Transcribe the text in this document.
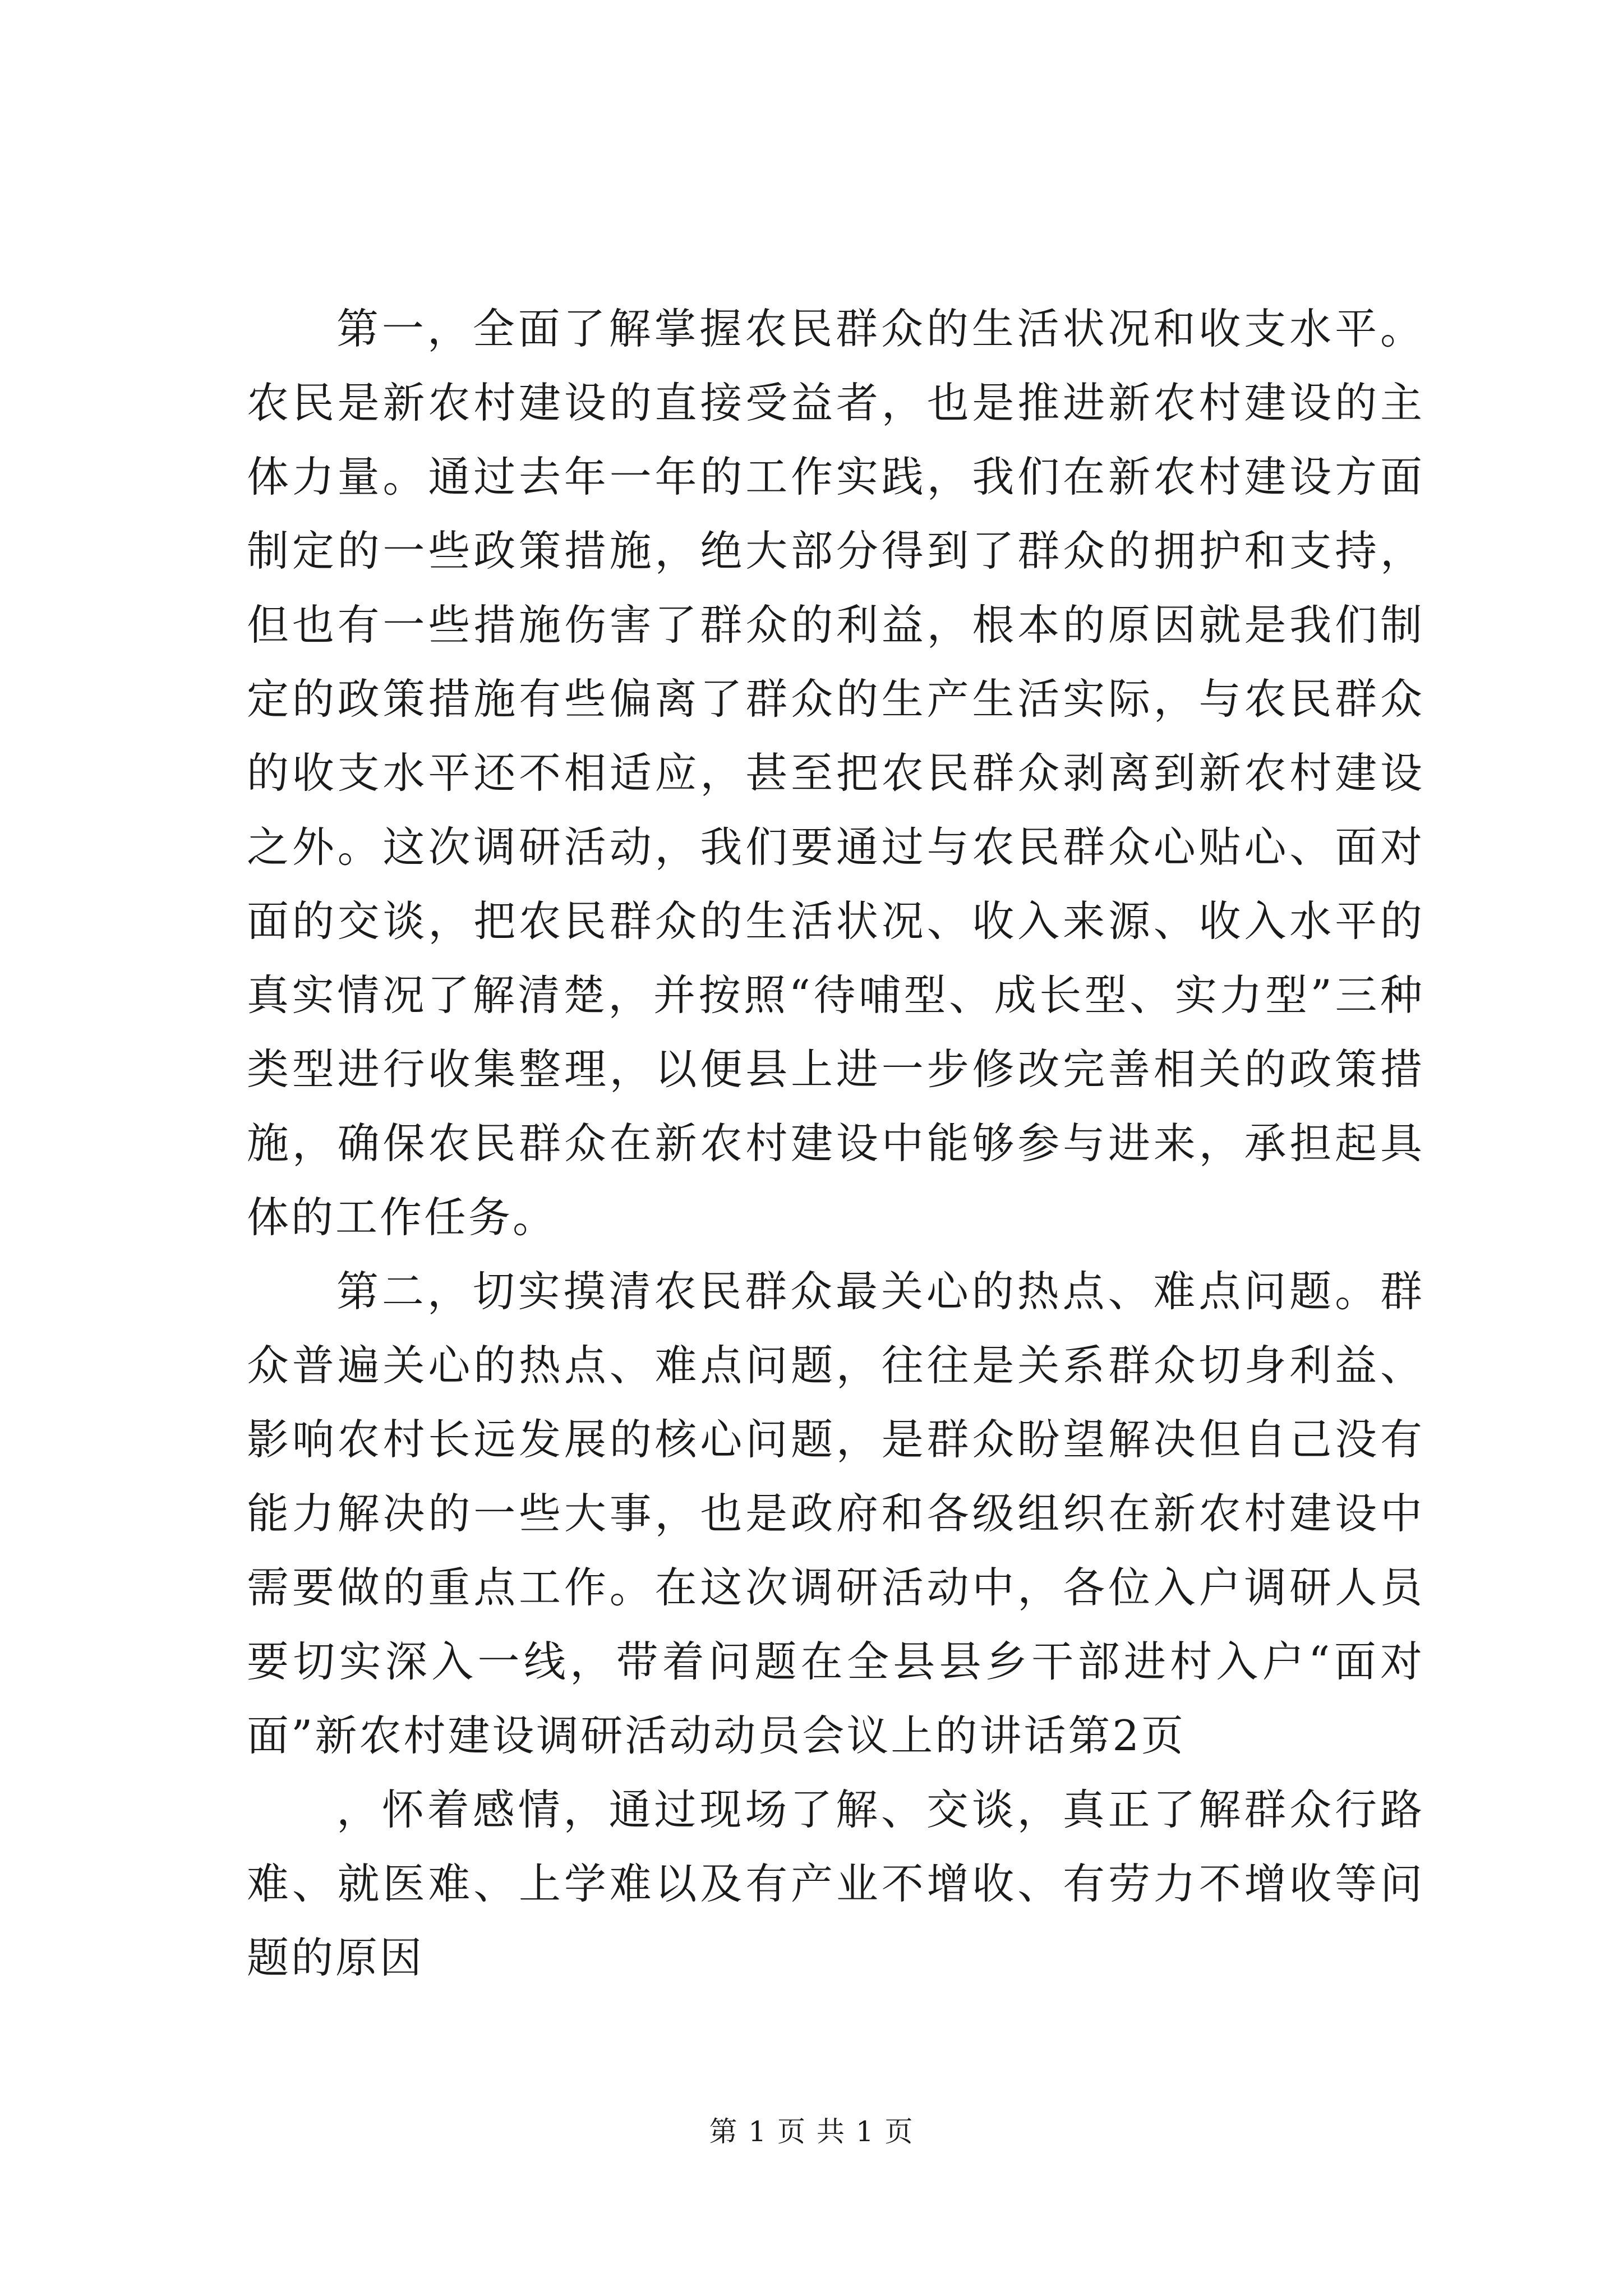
第一，全面了解掌握农民群众的生活状况和收支水平。农民是新农村建设的直接受益者，也是推进新农村建设的主体力量。通过去年一年的工作实践，我们在新农村建设方面制定的一些政策措施，绝大部分得到了群众的拥护和支持，但也有一些措施伤害了群众的利益，根本的原因就是我们制定的政策措施有些偏离了群众的生产生活实际，与农民群众的收支水平还不相适应，甚至把农民群众剥离到新农村建设之外。这次调研活动，我们要通过与农民群众心贴心、面对面的交谈，把农民群众的生活状况、收入来源、收入水平的真实情况了解清楚，并按照“待哺型、成长型、实力型”三种类型进行收集整理，以便县上进一步修改完善相关的政策措施，确保农民群众在新农村建设中能够参与进来，承担起具体的工作任务。

第二，切实摸清农民群众最关心的热点、难点问题。群众普遍关心的热点、难点问题，往往是关系群众切身利益、影响农村长远发展的核心问题，是群众盼望解决但自己没有能力解决的一些大事，也是政府和各级组织在新农村建设中需要做的重点工作。在这次调研活动中，各位入户调研人员要切实深入一线，带着问题在全县县乡干部进村入户“面对面”新农村建设调研活动动员会议上的讲话第2页

，怀着感情，通过现场了解、交谈，真正了解群众行路难、就医难、上学难以及有产业不增收、有劳力不增收等问题的原因

第 1 页 共 1 页
